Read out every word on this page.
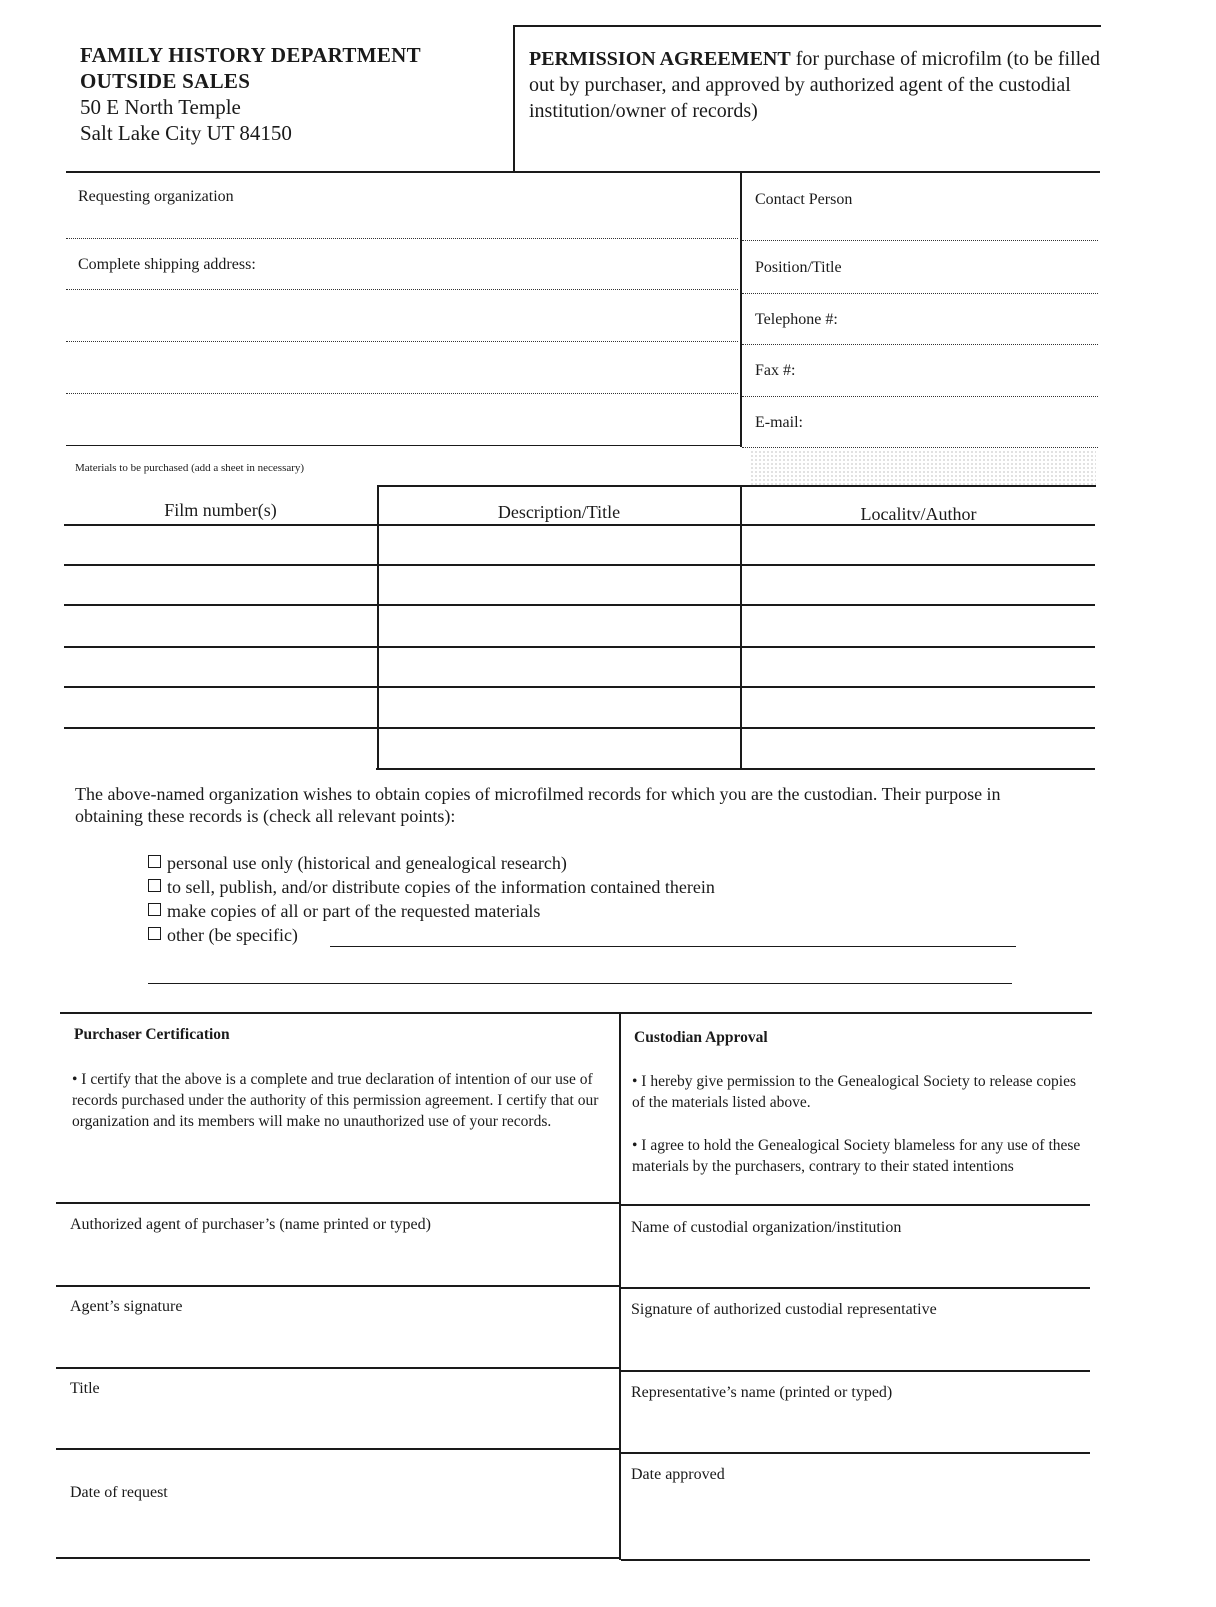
FAMILY HISTORY DEPARTMENT
OUTSIDE SALES
50 E North Temple
Salt Lake City UT 84150
PERMISSION AGREEMENT for purchase of microfilm (to be filled out by purchaser, and approved by authorized agent of the custodial institution/owner of records)
Requesting organization
Complete shipping address:
Contact Person
Position/Title
Telephone #:
Fax #:
E-mail:
Materials to be purchased (add a sheet in necessary)
Film number(s)	Description/Title	Localitv/Author
The above-named organization wishes to obtain copies of microfilmed records for which you are the custodian. Their purpose in obtaining these records is (check all relevant points):
personal use only (historical and genealogical research)
to sell, publish, and/or distribute copies of the information contained therein
make copies of all or part of the requested materials
other (be specific)
Purchaser Certification
• I certify that the above is a complete and true declaration of intention of our use of records purchased under the authority of this permission agreement. I certify that our organization and its members will make no unauthorized use of your records.
Custodian Approval
• I hereby give permission to the Genealogical Society to release copies of the materials listed above.
• I agree to hold the Genealogical Society blameless for any use of these materials by the purchasers, contrary to their stated intentions
Authorized agent of purchaser’s (name printed or typed)
Agent’s signature
Title
Date of request
Name of custodial organization/institution
Signature of authorized custodial representative
Representative’s name (printed or typed)
Date approved
